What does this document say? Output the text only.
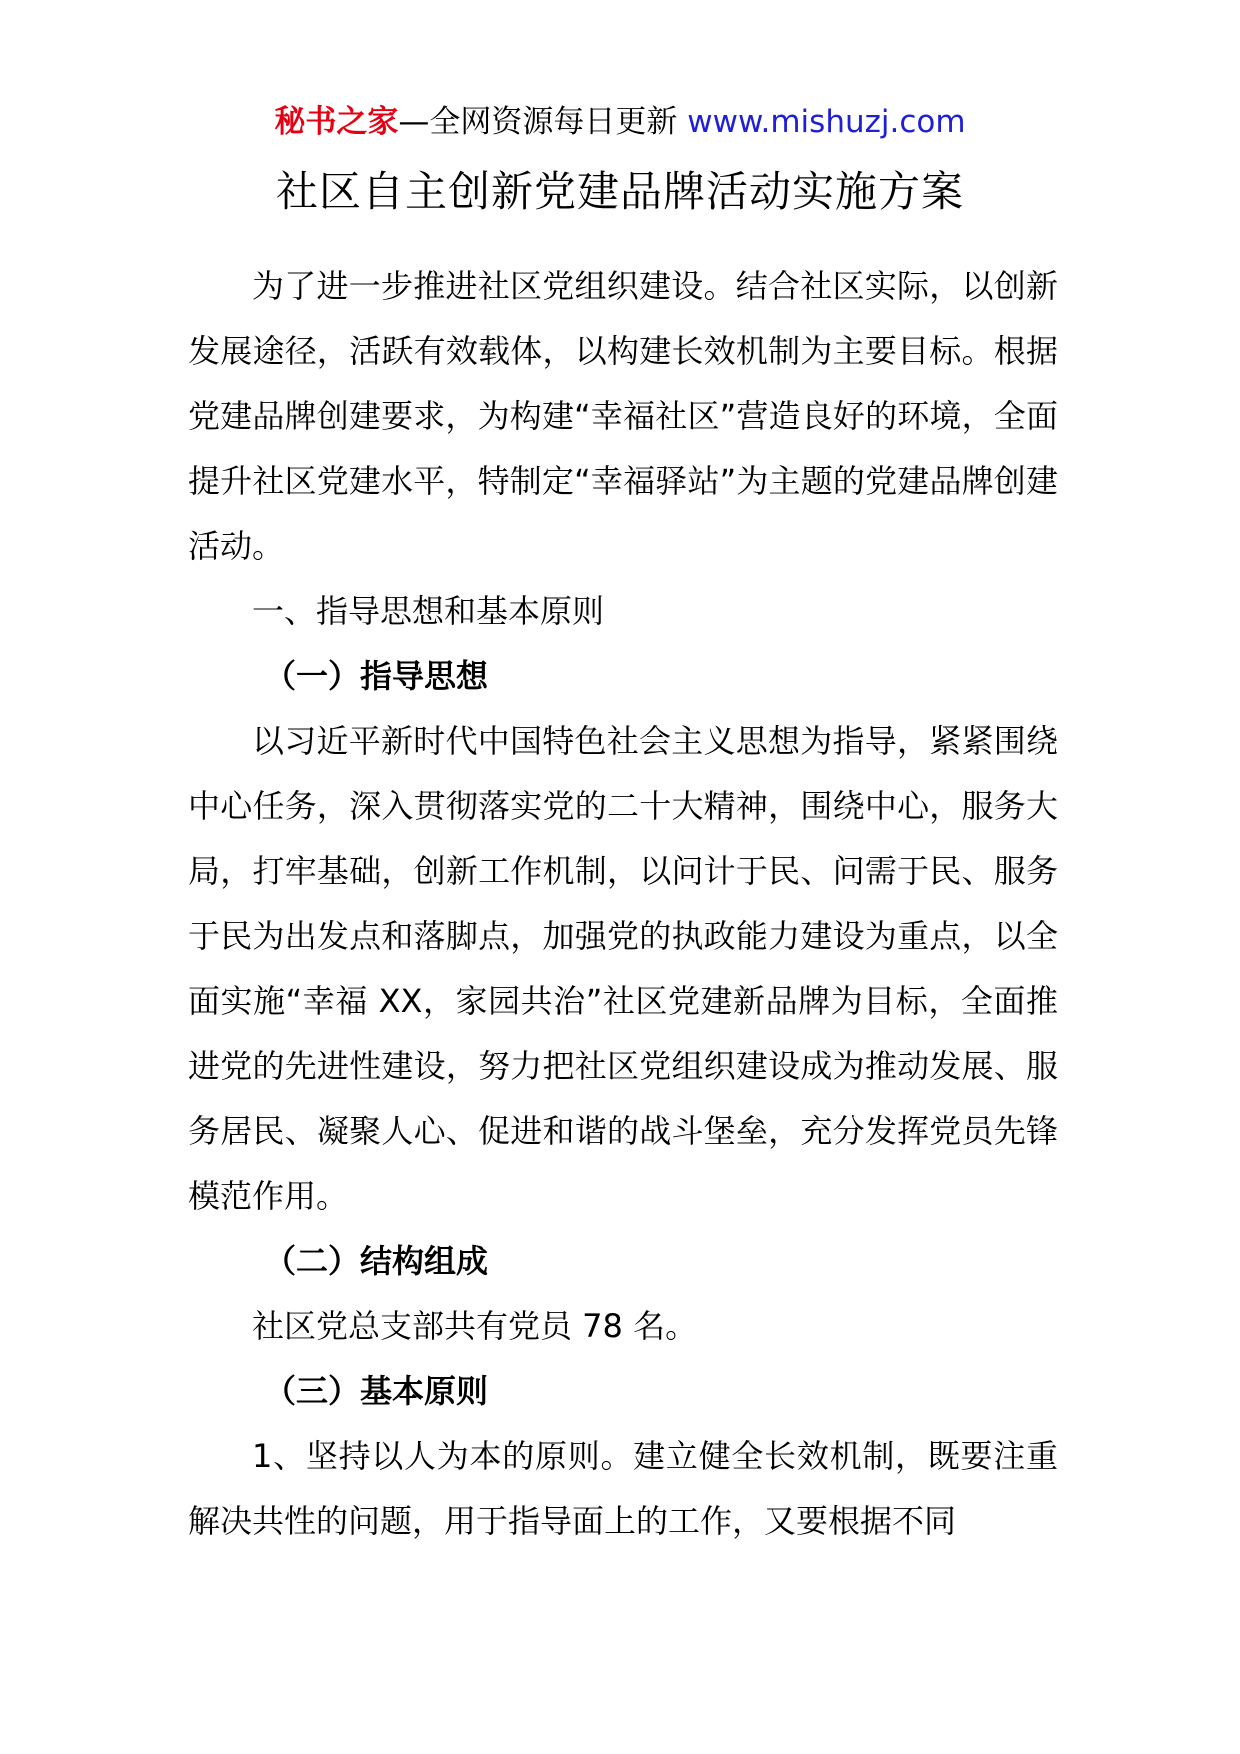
秘书之家—全网资源每日更新 www.mishuzj.com
社区自主创新党建品牌活动实施方案

为了进一步推进社区党组织建设。结合社区实际，以创新发展途径，活跃有效载体，以构建长效机制为主要目标。根据党建品牌创建要求，为构建“幸福社区”营造良好的环境，全面提升社区党建水平，特制定“幸福驿站”为主题的党建品牌创建活动。

一、指导思想和基本原则

（一）指导思想

以习近平新时代中国特色社会主义思想为指导，紧紧围绕中心任务，深入贯彻落实党的二十大精神，围绕中心，服务大局，打牢基础，创新工作机制，以问计于民、问需于民、服务于民为出发点和落脚点，加强党的执政能力建设为重点，以全面实施“幸福 XX，家园共治”社区党建新品牌为目标，全面推进党的先进性建设，努力把社区党组织建设成为推动发展、服务居民、凝聚人心、促进和谐的战斗堡垒，充分发挥党员先锋模范作用。

（二）结构组成

社区党总支部共有党员 78 名。

（三）基本原则

1、坚持以人为本的原则。建立健全长效机制，既要注重解决共性的问题，用于指导面上的工作，又要根据不同
